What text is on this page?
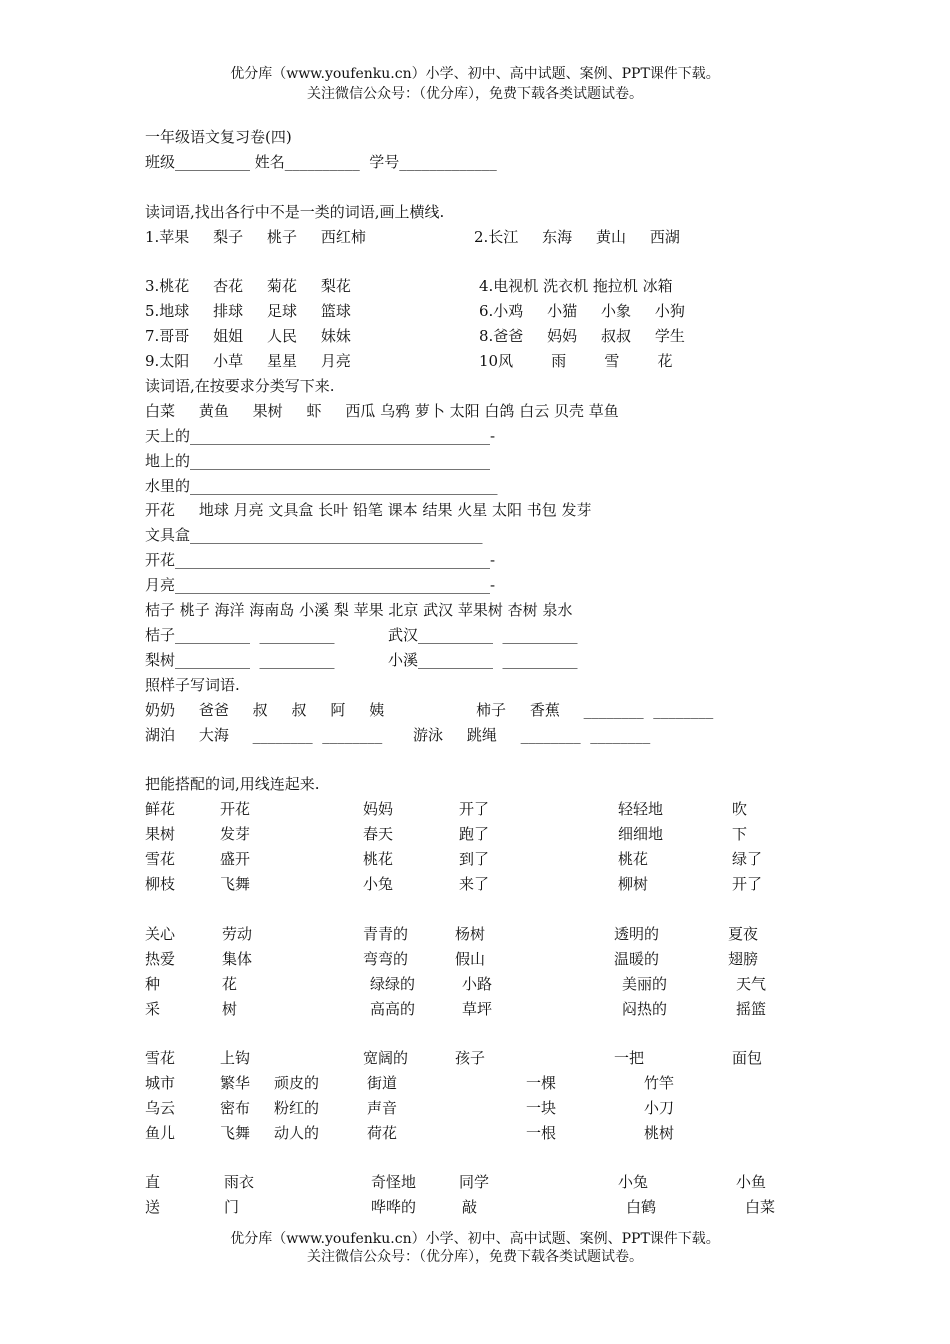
优分库（www.youfenku.cn）小学、初中、高中试题、案例、PPT课件下载。
关注微信公众号：（优分库），免费下载各类试题试卷。
一年级语文复习卷(四)
班级__________ 姓名__________  学号_____________
读词语,找出各行中不是一类的词语,画上横线.
1.苹果     梨子     桃子     西红柿	2.长江     东海     黄山     西湖
3.桃花     杏花     菊花     梨花	4.电视机 洗衣机 拖拉机 冰箱
5.地球     排球     足球     篮球	6.小鸡     小猫     小象     小狗
7.哥哥     姐姐     人民     妹妹	8.爸爸     妈妈     叔叔     学生
9.太阳     小草     星星     月亮	10风        雨        雪        花
读词语,在按要求分类写下来.
白菜     黄鱼     果树     虾     西瓜 乌鸦 萝卜 太阳 白鸽 白云 贝壳 草鱼
天上的________________________________________-
地上的________________________________________
水里的_________________________________________
开花     地球 月亮 文具盒 长叶 铅笔 课本 结果 火星 太阳 书包 发芽
文具盒_______________________________________
开花__________________________________________-
月亮__________________________________________-
桔子 桃子 海洋 海南岛 小溪 梨 苹果 北京 武汉 苹果树 杏树 泉水
桔子__________  __________	武汉__________  __________
梨树__________  __________	小溪__________  __________
照样子写词语.
奶奶     爸爸     叔     叔     阿     姨	柿子     香蕉     ________  ________
湖泊     大海     ________  ________ 游泳     跳绳     ________  ________
把能搭配的词,用线连起来.
鲜花	开花	妈妈	开了	轻轻地	吹
果树	发芽	春天	跑了	细细地	下
雪花	盛开	桃花	到了	桃花	绿了
柳枝	飞舞	小兔	来了	柳树	开了
关心	劳动	青青的	杨树	透明的	夏夜
热爱	集体	弯弯的	假山	温暖的	翅膀
种	花	绿绿的	小路	美丽的	天气
采	树	高高的	草坪	闷热的	摇篮
雪花	上钩	宽阔的	孩子	一把	面包
城市	繁华 顽皮的	街道	一棵	竹竿
乌云	密布 粉红的	声音	一块	小刀
鱼儿	飞舞 动人的	荷花	一根	桃树
直	雨衣	奇怪地	同学	小兔	小鱼
送	门	哗哗的	敲	白鹤	白菜
优分库（www.youfenku.cn）小学、初中、高中试题、案例、PPT课件下载。
关注微信公众号：（优分库），免费下载各类试题试卷。
